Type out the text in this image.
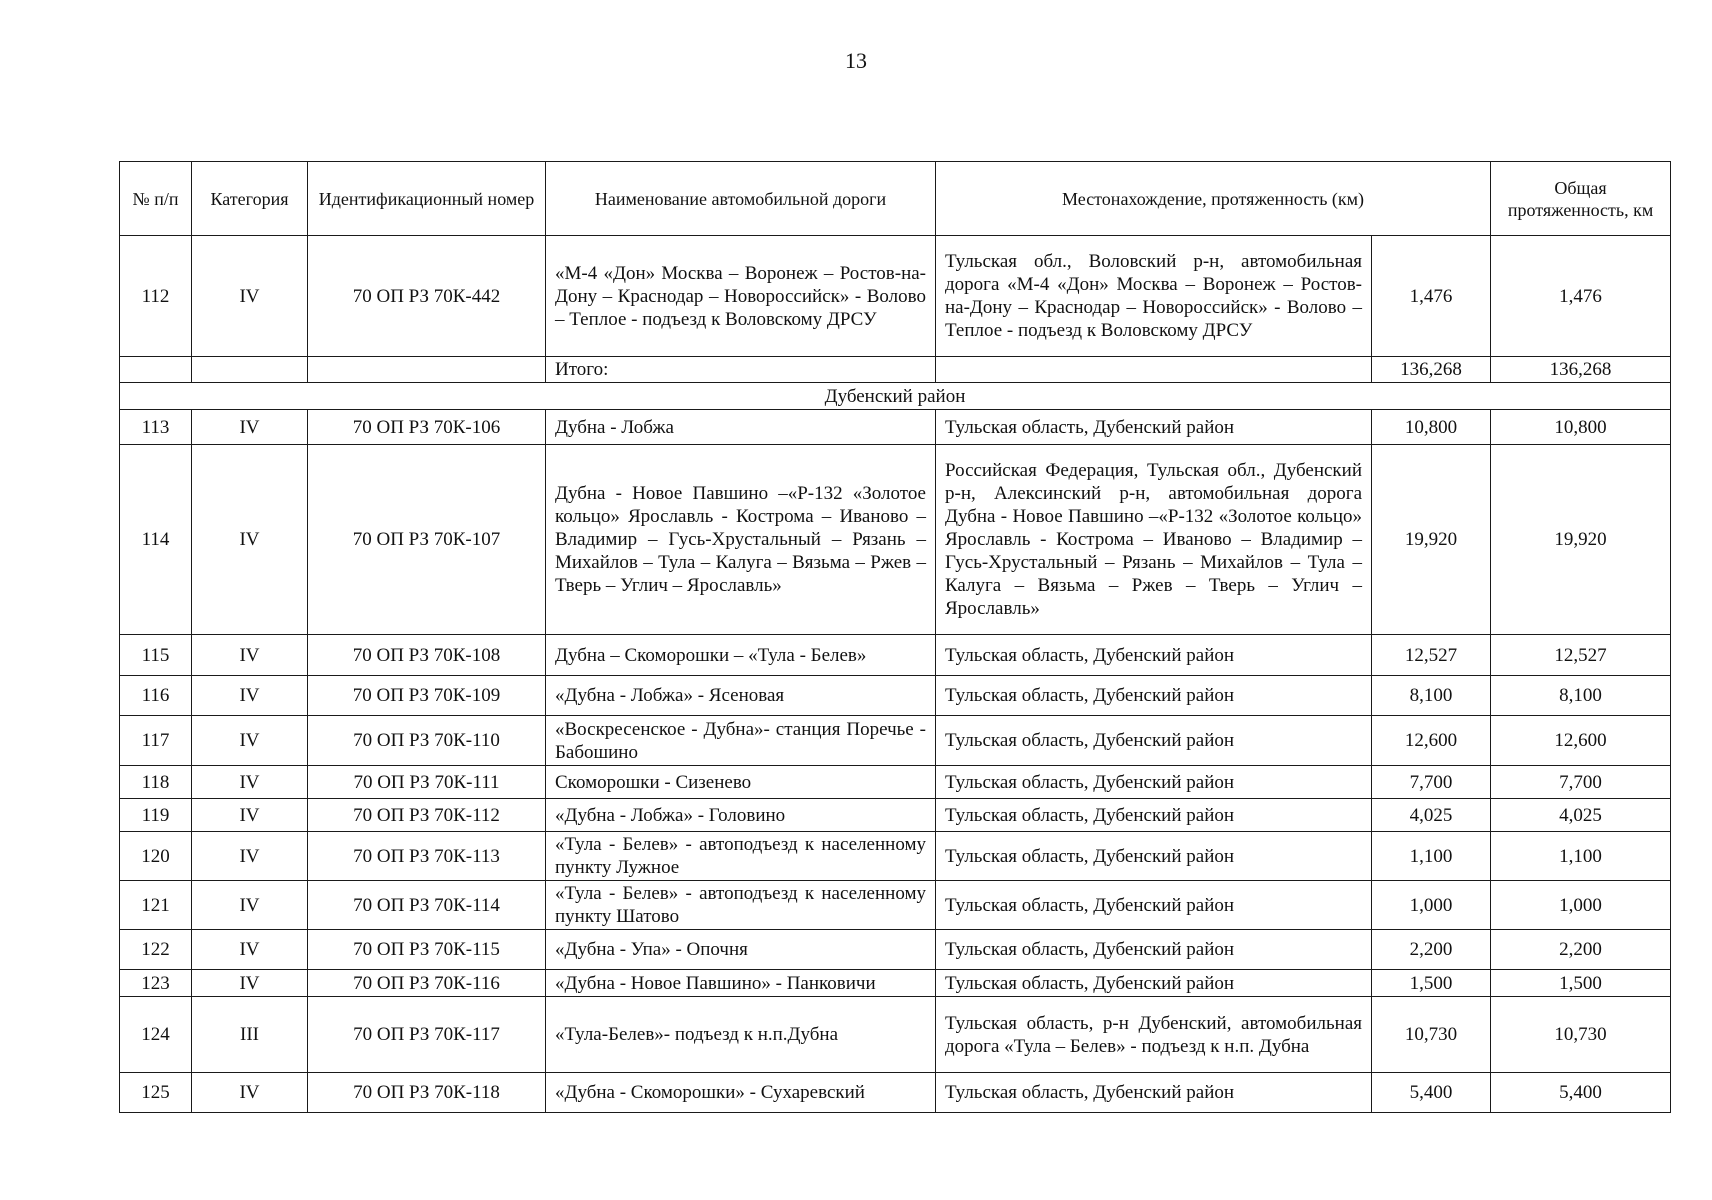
13
№ п/п	Категория	Идентификационный номер	Наименование автомобильной дороги	Местонахождение, протяженность (км)		Общая протяженность, км
112	IV	70 ОП РЗ 70К-442	«М-4 «Дон» Москва – Воронеж – Ростов-на-Дону – Краснодар – Новороссийск» - Волово – Теплое - подъезд к Воловскому ДРСУ	Тульская обл., Воловский р-н, автомобильная дорога «М-4 «Дон» Москва – Воронеж – Ростов-на-Дону – Краснодар – Новороссийск» - Волово – Теплое - подъезд к Воловскому ДРСУ	1,476	1,476
			Итого:		136,268	136,268
Дубенский район						
113	IV	70 ОП РЗ 70К-106	Дубна - Лобжа	Тульская область, Дубенский район	10,800	10,800
114	IV	70 ОП РЗ 70К-107	Дубна - Новое Павшино –«Р-132 «Золотое кольцо» Ярославль - Кострома – Иваново – Владимир – Гусь-Хрустальный – Рязань – Михайлов – Тула – Калуга – Вязьма – Ржев – Тверь – Углич – Ярославль»	Российская Федерация, Тульская обл., Дубенский р-н, Алексинский р-н, автомобильная дорога Дубна - Новое Павшино –«Р-132 «Золотое кольцо» Ярославль - Кострома – Иваново – Владимир – Гусь-Хрустальный – Рязань – Михайлов – Тула – Калуга – Вязьма – Ржев – Тверь – Углич – Ярославль»	19,920	19,920
115	IV	70 ОП РЗ 70К-108	Дубна – Скоморошки – «Тула - Белев»	Тульская область, Дубенский район	12,527	12,527
116	IV	70 ОП РЗ 70К-109	«Дубна - Лобжа» - Ясеновая	Тульская область, Дубенский район	8,100	8,100
117	IV	70 ОП РЗ 70К-110	«Воскресенское - Дубна»- станция Поречье - Бабошино	Тульская область, Дубенский район	12,600	12,600
118	IV	70 ОП РЗ 70К-111	Скоморошки - Сизенево	Тульская область, Дубенский район	7,700	7,700
119	IV	70 ОП РЗ 70К-112	«Дубна - Лобжа» - Головино	Тульская область, Дубенский район	4,025	4,025
120	IV	70 ОП РЗ 70К-113	«Тула - Белев» - автоподъезд к населенному пункту Лужное	Тульская область, Дубенский район	1,100	1,100
121	IV	70 ОП РЗ 70К-114	«Тула - Белев» - автоподъезд к населенному пункту Шатово	Тульская область, Дубенский район	1,000	1,000
122	IV	70 ОП РЗ 70К-115	«Дубна - Упа» - Опочня	Тульская область, Дубенский район	2,200	2,200
123	IV	70 ОП РЗ 70К-116	«Дубна - Новое Павшино» - Панковичи	Тульская область, Дубенский район	1,500	1,500
124	III	70 ОП РЗ 70К-117	«Тула-Белев»- подъезд к н.п.Дубна	Тульская область, р-н Дубенский, автомобильная дорога «Тула – Белев» - подъезд к н.п. Дубна	10,730	10,730
125	IV	70 ОП РЗ 70К-118	«Дубна - Скоморошки» - Сухаревский	Тульская область, Дубенский район	5,400	5,400
